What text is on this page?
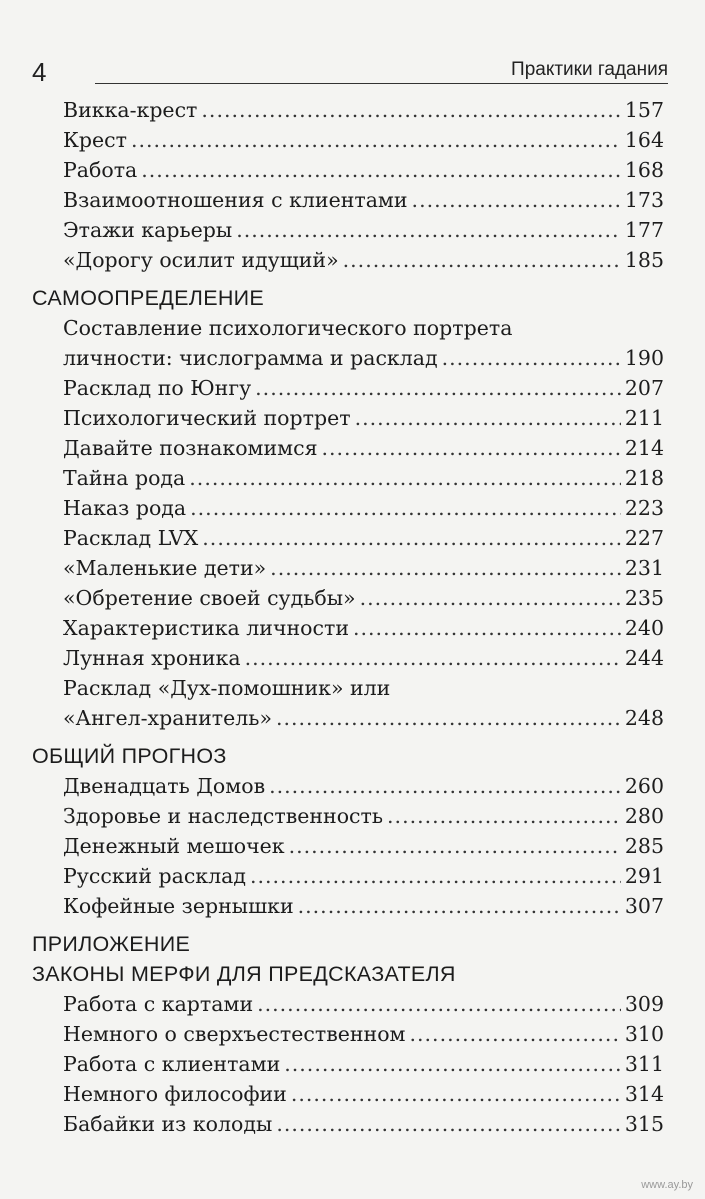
4	Практики гадания
Викка-крест .....	157
Крест .....	164
Работа .....	168
Взаимоотношения с клиентами .....	173
Этажи карьеры .....	177
«Дорогу осилит идущий» .....	185
САМООПРЕДЕЛЕНИЕ
Составление психологического портрета
личности: числограмма и расклад .....	190
Расклад по Юнгу .....	207
Психологический портрет .....	211
Давайте познакомимся .....	214
Тайна рода .....	218
Наказ рода .....	223
Расклад LVX .....	227
«Маленькие дети» .....	231
«Обретение своей судьбы» .....	235
Характеристика личности .....	240
Лунная хроника .....	244
Расклад «Дух-помошник» или
«Ангел-хранитель» .....	248
ОБЩИЙ ПРОГНОЗ
Двенадцать Домов .....	260
Здоровье и наследственность .....	280
Денежный мешочек .....	285
Русский расклад .....	291
Кофейные зернышки .....	307
ПРИЛОЖЕНИЕ
ЗАКОНЫ МЕРФИ ДЛЯ ПРЕДСКАЗАТЕЛЯ
Работа с картами .....	309
Немного о сверхъестественном .....	310
Работа с клиентами .....	311
Немного философии .....	314
Бабайки из колоды .....	315
www.ay.by
